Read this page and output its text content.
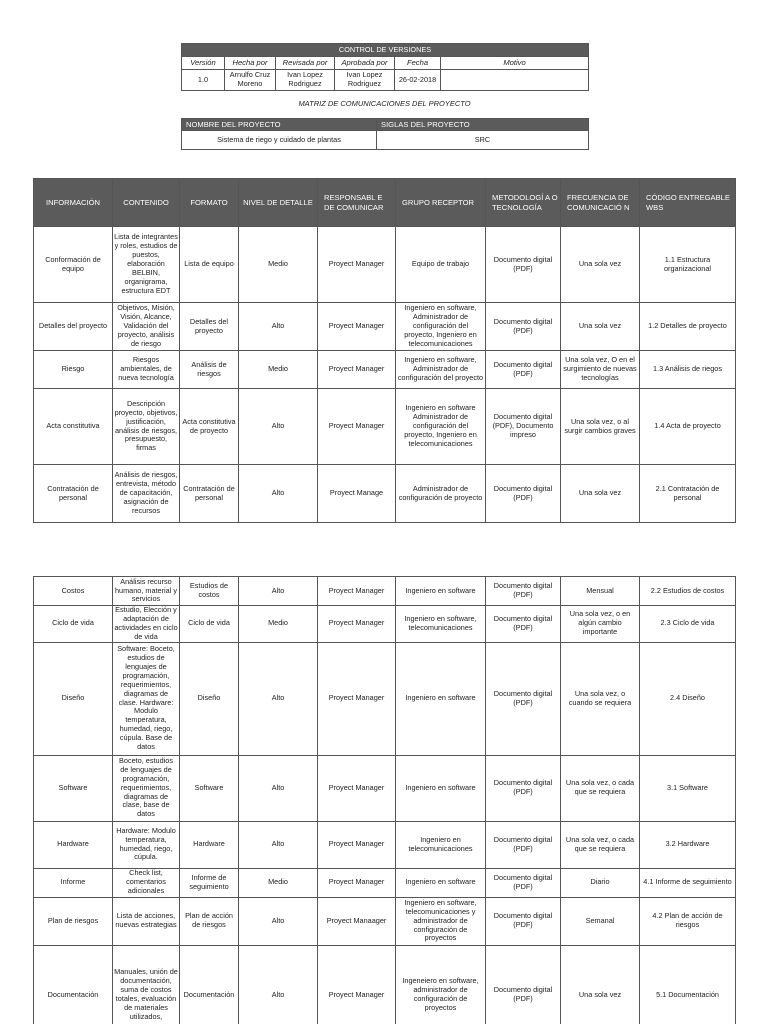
CONTROL DE VERSIONES					
Versión	Hecha por	Revisada por	Aprobada por	Fecha	Motivo
1.0	Arnulfo Cruz Moreno	Ivan Lopez Rodriguez	Ivan Lopez Rodriguez	26-02-2018	
MATRIZ DE COMUNICACIONES DEL PROYECTO
NOMBRE DEL PROYECTO	SIGLAS DEL PROYECTO
Sistema de riego y cuidado de plantas	SRC
INFORMACIÓN	CONTENIDO	FORMATO	NIVEL DE DETALLE	RESPONSABL E DE COMUNICAR	GRUPO RECEPTOR	METODOLOGÍ A O TECNOLOGÍA	FRECUENCIA DE COMUNICACIÓ N	CÓDIGO ENTREGABLE WBS
Conformación de equipo	Lista de integrantes y roles, estudios de puestos, elaboración BELBIN, organigrama, estructura EDT	Lista de equipo	Medio	Proyect Manager	Equipo de trabajo	Documento digital (PDF)	Una sola vez	1.1 Estructura organizacional
Detalles del proyecto	Objetivos, Misión, Visión, Alcance, Validación del proyecto, análisis de riesgo	Detalles del proyecto	Alto	Proyect Manager	Ingeniero en software, Administrador de configuración del proyecto, Ingeniero en telecomunicaciones	Documento digital (PDF)	Una sola vez	1.2 Detalles de proyecto
Riesgo	Riesgos ambientales, de nueva tecnología	Análisis de riesgos	Medio	Proyect Manager	Ingeniero en software, Administrador de configuración del proyecto	Documento digital (PDF)	Una sola vez, O en el surgimiento de nuevas tecnologías	1.3 Análisis de riegos
Acta constitutiva	Descripción proyecto, objetivos, justificación, análisis de riesgos, presupuesto, firmas	Acta constitutiva de proyecto	Alto	Proyect Manager	Ingeniero en software Administrador de configuración del proyecto, Ingeniero en telecomunicaciones	Documento digital (PDF), Documento impreso	Una sola vez, o al surgir cambios graves	1.4 Acta de proyecto
Contratación de personal	Análisis de riesgos, entrevista, método de capacitación, asignación de recursos	Contratación de personal	Alto	Proyect Manage	Administrador de configuración de proyecto	Documento digital (PDF)	Una sola vez	2.1 Contratación de personal
Costos	Análisis recurso humano, material y servicios	Estudios de costos	Alto	Proyect Manager	Ingeniero en software	Documento digital (PDF)	Mensual	2.2 Estudios de costos
Ciclo de vida	Estudio, Elección y adaptación de actividades en ciclo de vida	Ciclo de vida	Medio	Proyect Manager	Ingeniero en software, telecomunicaciones	Documento digital (PDF)	Una sola vez, o en algún cambio importante	2.3 Ciclo de vida
Diseño	Software: Boceto, estudios de lenguajes de programación, requerimientos, diagramas de clase. Hardware: Modulo temperatura, humedad, riego, cúpula. Base de datos	Diseño	Alto	Proyect Manager	Ingeniero en software	Documento digital (PDF)	Una sola vez, o cuando se requiera	2.4 Diseño
Software	Boceto, estudios de lenguajes de programación, requerimientos, diagramas de clase, base de datos	Software	Alto	Proyect Manager	Ingeniero en software	Documento digital (PDF)	Una sola vez, o cada que se requiera	3.1 Software
Hardware	Hardware: Modulo temperatura, humedad, riego, cúpula.	Hardware	Alto	Proyect Manager	Ingeniero en telecomunicaciones	Documento digital (PDF)	Una sola vez, o cada que se requiera	3.2 Hardware
Informe	Check list, comentarios adicionales	Informe de seguimiento	Medio	Proyect Manager	Ingeniero en software	Documento digital (PDF)	Diario	4.1 Informe de seguimiento
Plan de riesgos	Lista de acciones, nuevas estrategias	Plan de acción de riesgos	Alto	Proyect Manaager	Ingeniero en software, telecomunicaciones y administrador de configuración de proyectos	Documento digital (PDF)	Semanal	4.2 Plan de acción de riesgos
Documentación	Manuales, unión de documentación, suma de costos totales, evaluación de materiales utilizados,	Documentación	Alto	Proyect Manager	Ingeneiero en software, administrador de configuración de proyectos	Documento digital (PDF)	Una sola vez	5.1 Documentación
